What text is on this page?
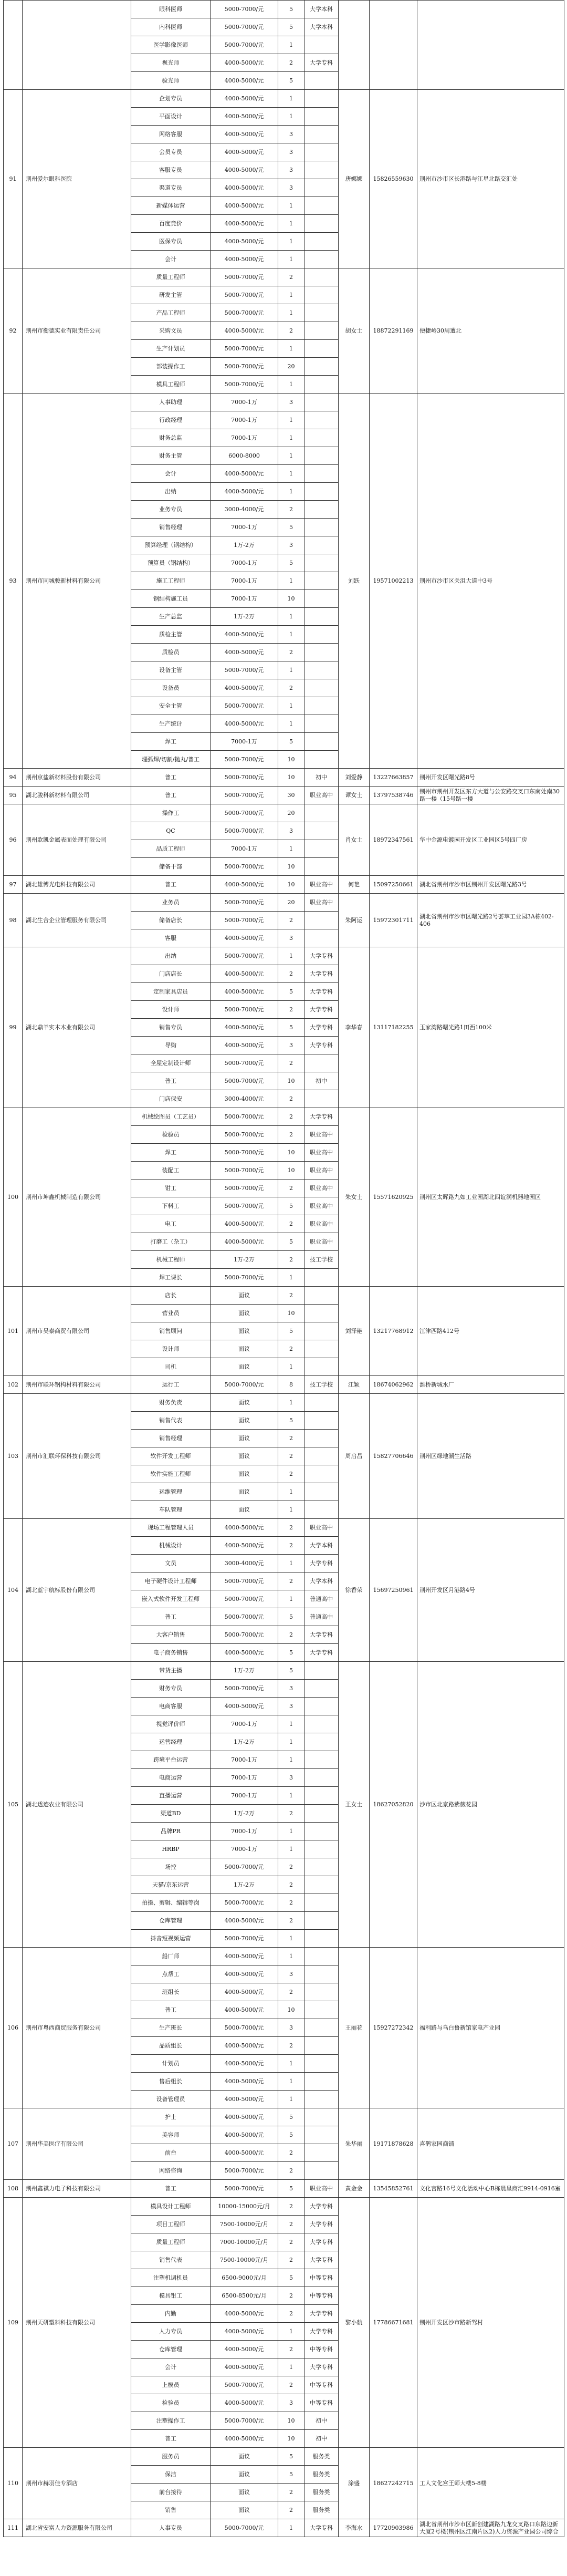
		眼科医师	5000-7000/元	5	大学本科			
		内科医师	5000-7000/元	5	大学本科			
		医学影像医师	5000-7000/元	1				
		视光师	4000-5000/元	2	大学专科			
		验光师	4000-5000/元	5				
91	荆州爱尔眼科医院	企划专员	4000-5000/元	1		唐娜娜	15826559630	荆州市沙市区长港路与江星北路交汇处
		平面设计	4000-5000/元	1				
		网络客服	4000-5000/元	3				
		会员专员	4000-5000/元	3				
		客服专员	4000-5000/元	3				
		渠道专员	4000-5000/元	3				
		新媒体运营	4000-5000/元	1				
		百度竞价	4000-5000/元	1				
		医保专员	4000-5000/元	1				
		会计	4000-5000/元	1				
92	荆州市衡德实业有限责任公司	质量工程师	5000-7000/元	2		胡女士	18872291169	便捷岭30周遭北
		研发主管	5000-7000/元	1				
		产品工程师	5000-7000/元	1				
		采购文员	4000-5000/元	2				
		生产计划员	5000-7000/元	1				
		部装操作工	5000-7000/元	20				
		模具工程师	5000-7000/元	1				
93	荆州市同城骏新材料有限公司	人事助理	7000-1万	3		刘跃	19571002213	荆州市沙市区关沮大道中3号
		行政经理	7000-1万	1				
		财务总监	7000-1万	1				
		财务主管	6000-8000	1				
		会计	4000-5000/元	1				
		出纳	4000-5000/元	1				
		业务专员	3000-4000/元	2				
		销售经理	7000-1万	5				
		预算经理（钢结构）	1万-2万	3				
		预算员（钢结构）	7000-1万	5				
		施工工程师	7000-1万	1				
		钢结构施工员	7000-1万	10				
		生产总监	1万-2万	1				
		质检主管	4000-5000/元	1				
		质检员	4000-5000/元	2				
		设备主管	5000-7000/元	1				
		设备员	4000-5000/元	2				
		安全主管	5000-7000/元	1				
		生产统计	4000-5000/元	1				
		焊工	7000-1万	5				
		埋弧焊/切割/抛丸/普工	5000-7000/元	10				
94	荆州京盐新材料股份有限公司	普工	5000-7000/元	10	初中	刘爱静	13227663857	荆州开发区曙光路8号
95	湖北骏科新材料有限公司	普工	5000-7000/元	30	职业高中	谭女士	13797538746	荆州市荆州开发区东方大道与公安路交叉口东南处南30路一楼（15号路一楼
96	荆州欧凯金属表面处理有限公司	操作工	5000-7000/元	20		肖女士	18972347561	华中金源电镀园开发区工业园区5号四厂房
		QC	5000-7000/元	3				
		品质工程师	7000-1万	1				
		储备干部	5000-7000/元	10				
97	湖北雄博光电科技有限公司	普工	4000-5000/元	10	职业高中	何艳	15097250661	湖北省荆州市沙市区荆州开发区曙光路3号
98	湖北生合企业管理服务有限公司	业务员	5000-7000/元	20	职业高中	朱阿运	15972301711	湖北省荆州市沙市区曙光路2号荟萃工业园3A栋402-406
		储备店长	5000-7000/元	2				
		客服	4000-5000/元	3				
99	湖北鼎羊实木木业有限公司	出纳	5000-7000/元	1	大学专科	李华春	13117182255	玉家湾路曙光路1田西100米
		门店店长	4000-5000/元	2	大学专科			
		定制家具店员	4000-5000/元	5	大学专科			
		设计师	5000-7000/元	2	大学专科			
		销售专员	4000-5000/元	5	大学专科			
		导购	4000-5000/元	3	大学专科			
		全屋定制设计师	5000-7000/元	2				
		普工	5000-7000/元	10	初中			
		门店保安	3000-4000/元	2				
100	荆州市坤鑫机械制造有限公司	机械绘图员（工艺员）	5000-7000/元	2	大学专科	朱女士	15571620925	荆州区太晖路九如工业园湖北四谊润机器地园区
		检验员	5000-7000/元	2	职业高中			
		焊工	5000-7000/元	10	职业高中			
		装配工	5000-7000/元	10	职业高中			
		钳工	5000-7000/元	2	职业高中			
		下料工	5000-7000/元	5	职业高中			
		电工	4000-5000/元	2	职业高中			
		打磨工（杂工）	4000-5000/元	5	职业高中			
		机械工程师	1万-2万	2	技工学校			
		焊工课长	5000-7000/元	1				
101	荆州市吴泰商贸有限公司	店长	面议	2		刘泽艳	13217768912	江津西路412号
		营业员	面议	10				
		销售顾问	面议	5				
		设计师	面议	2				
		司机	面议	1				
102	荆州市联环钢构材料有限公司	运行工	5000-7000/元	8	技工学校	江颖	18674062962	潍桥新城水厂
103	荆州市汇联环保科技有限公司	财务负责	面议	1		周启昌	15827706646	荆州区绿地潮生活路
		销售代表	面议	5				
		销售经理	面议	2				
		软件开发工程师	面议	2				
		软件实施工程师	面议	2				
		运维管理	面议	1				
		车队管理	面议	1				
104	湖北蓝宇航标股份有限公司	现场工程管理人员	4000-5000/元	2	职业高中	徐香荣	15697250961	荆州开发区月港路4号
		机械设计	4000-5000/元	2	大学本科			
		文员	3000-4000/元	1	大学专科			
		电子硬件设计工程师	5000-7000/元	2	大学本科			
		嵌入式软件开发工程师	5000-7000/元	1	普通高中			
		普工	5000-7000/元	5	普通高中			
		大客户销售	5000-7000/元	2	大学专科			
		电子商务销售	4000-5000/元	5	大学专科			
105	湖北透迹农业有限公司	带货主播	1万-2万	5		王女士	18627052820	沙市区北京路紫薇花园
		财务专员	5000-7000/元	3				
		电商客服	4000-5000/元	3				
		视觉评价师	7000-1万	1				
		运营经理	1万-2万	1				
		跨境平台运营	7000-1万	1				
		电商运营	7000-1万	3				
		直播运营	7000-1万	1				
		渠道BD	1万-2万	2				
		品牌PR	7000-1万	1				
		HRBP	7000-1万	1				
		场控	5000-7000/元	2				
		天猫/京东运营	1万-2万	2				
		拍摄、剪辑、编辑等岗	5000-7000/元	2				
		仓库管理	4000-5000/元	2				
		抖音短视频运营	5000-7000/元	1				
106	荆州市粤西商贸服务有限公司	船厂师	4000-5000/元	1		王丽花	15927272342	福利路与乌白鲁新馆家电产业园
		点帮工	4000-5000/元	3				
		班组长	4000-5000/元	2				
		普工	4000-5000/元	10				
		生产班长	5000-7000/元	3				
		品质组长	4000-5000/元	2				
		计划员	4000-5000/元	1				
		售后组长	4000-5000/元	1				
		设备管理员	4000-5000/元	1				
107	荆州华美医疗有限公司	护士	4000-5000/元	5		朱华丽	19171878628	喜鹊家园商铺
		美容师	4000-5000/元	5				
		前台	4000-5000/元	2				
		网络咨询	5000-7000/元	2				
108	荆州鑫祺力电子科技有限公司	普工	5000-7000/元	5	职业高中	黄金金	13545852761	文化宫路16号文化活动中心B栋晨星商汇9914-0916室
109	荆州天研塑料科技有限公司	模具设计工程师	10000-15000元/月	2	大学专科	黎小航	17786671681	荆州开发区沙市路新驾村
		项目工程师	7500-10000元/月	2	大学专科			
		质量工程师	7000-10000元/月	2	大学专科			
		销售代表	7500-10000元/月	2	大学专科			
		注塑机调机员	6500-9000元/月	5	中等专科			
		模具钳工	6500-8500元/月	2	中等专科			
		内勤	4000-5000/元	2	大学专科			
		人力专员	4000-5000/元	1	大学专科			
		仓库管理	4000-5000/元	2	中等专科			
		会计	4000-5000/元	1	大学专科			
		上模员	5000-7000/元	2	中等专科			
		检验员	4000-5000/元	3	中等专科			
		注塑操作工	5000-7000/元	10	初中			
		普工	4000-5000/元	10	初中			
110	荆州市赫羽佳专酒店	服务员	面议	5	服务类	涂盛	18627242715	工人文化宫王师大楼5-8楼
		保洁	面议	5	服务类			
		前台接待	面议	2	服务类			
		销售	面议	2	服务类			
111	湖北省安富人力资源服务有限公司	人事专员	5000-7000/元	1	大学专科	李海水	17720903986	湖北省荆州市沙市区新创建湖路九龙交叉路口东路边新大厦2号楼(荆州区江南片区2)人力资源产业园公司综合
